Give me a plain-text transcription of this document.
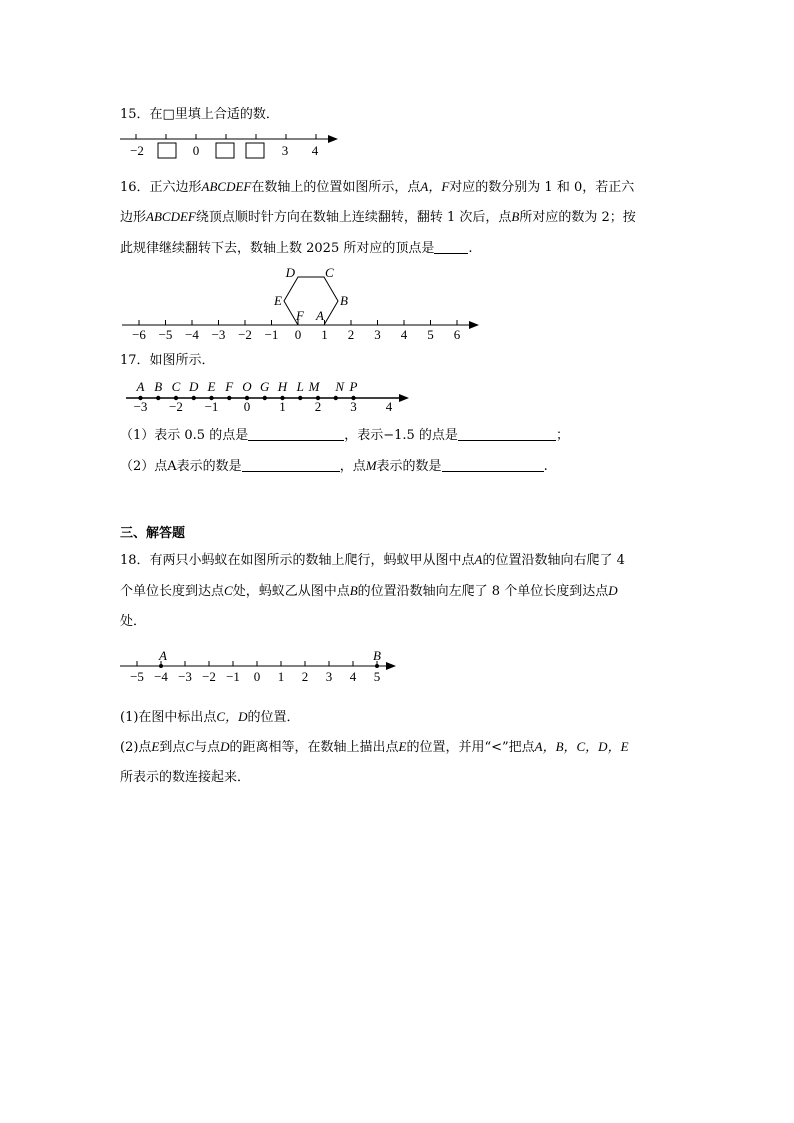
15．在□里填上合适的数．
−2	0	3 4
16．正六边形ABCDEF在数轴上的位置如图所示，点A，F对应的数分别为 1 和 0，若正六
边形ABCDEF绕顶点顺时针方向在数轴上连续翻转，翻转 1 次后，点B所对应的数为 2；按
此规律继续翻转下去，数轴上数 2025 所对应的顶点是	.
−6 −5 −4 −3 −2 −1 0 1 2 3 4 5 6
D C
E	B
F A
17．如图所示．
A B C D E F O G H L M N P
−3 −2 −1 0 1 2 3 4
（1）表示 0.5 的点是	，表示−1.5 的点是	；
（2）点A表示的数是	，点M表示的数是	.
三、解答题
18．有两只小蚂蚁在如图所示的数轴上爬行，蚂蚁甲从图中点A的位置沿数轴向右爬了 4
个单位长度到达点C处，蚂蚁乙从图中点B的位置沿数轴向左爬了 8 个单位长度到达点D
处．
−5 −4 −3 −2 −1 0 1 2 3 4 5
A	B
(1)在图中标出点C，D的位置．
(2)点E到点C与点D的距离相等，在数轴上描出点E的位置，并用“<”把点A，B，C，D，E
所表示的数连接起来．
